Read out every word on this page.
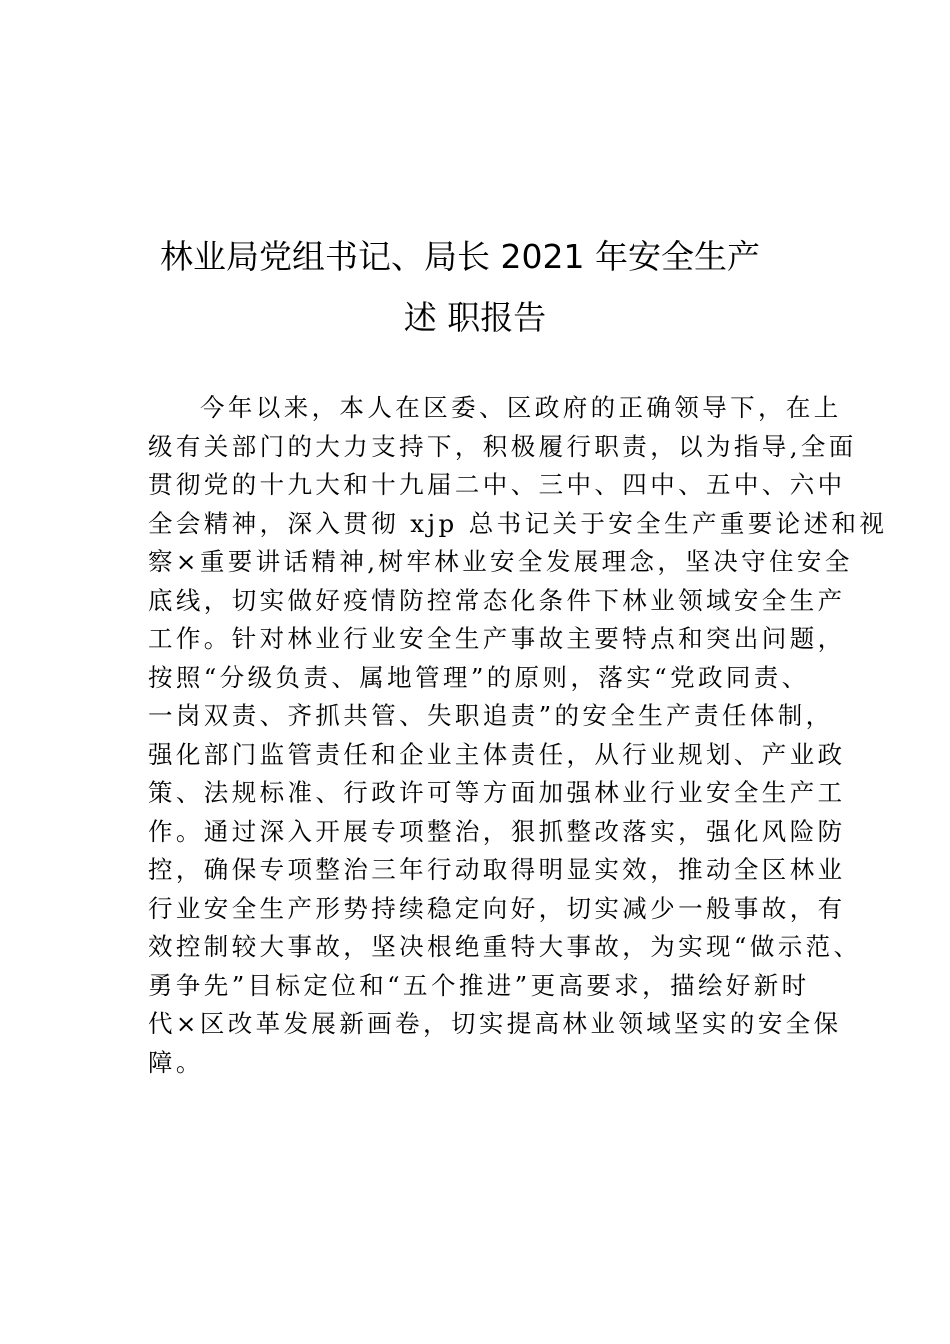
林业局党组书记、局长 2021 年安全生产
述 职报告
今年以来，本人在区委、区政府的正确领导下，在上
级有关部门的大力支持下，积极履行职责，以为指导,全面
贯彻党的十九大和十九届二中、三中、四中、五中、六中
全会精神，深入贯彻 xjp 总书记关于安全生产重要论述和视
察×重要讲话精神,树牢林业安全发展理念，坚决守住安全
底线，切实做好疫情防控常态化条件下林业领域安全生产
工作。针对林业行业安全生产事故主要特点和突出问题，
按照“分级负责、属地管理”的原则，落实“党政同责、
一岗双责、齐抓共管、失职追责”的安全生产责任体制，
强化部门监管责任和企业主体责任，从行业规划、产业政
策、法规标准、行政许可等方面加强林业行业安全生产工
作。通过深入开展专项整治，狠抓整改落实，强化风险防
控，确保专项整治三年行动取得明显实效，推动全区林业
行业安全生产形势持续稳定向好，切实减少一般事故，有
效控制较大事故，坚决根绝重特大事故，为实现“做示范、
勇争先”目标定位和“五个推进”更高要求，描绘好新时
代×区改革发展新画卷，切实提高林业领域坚实的安全保
障。
